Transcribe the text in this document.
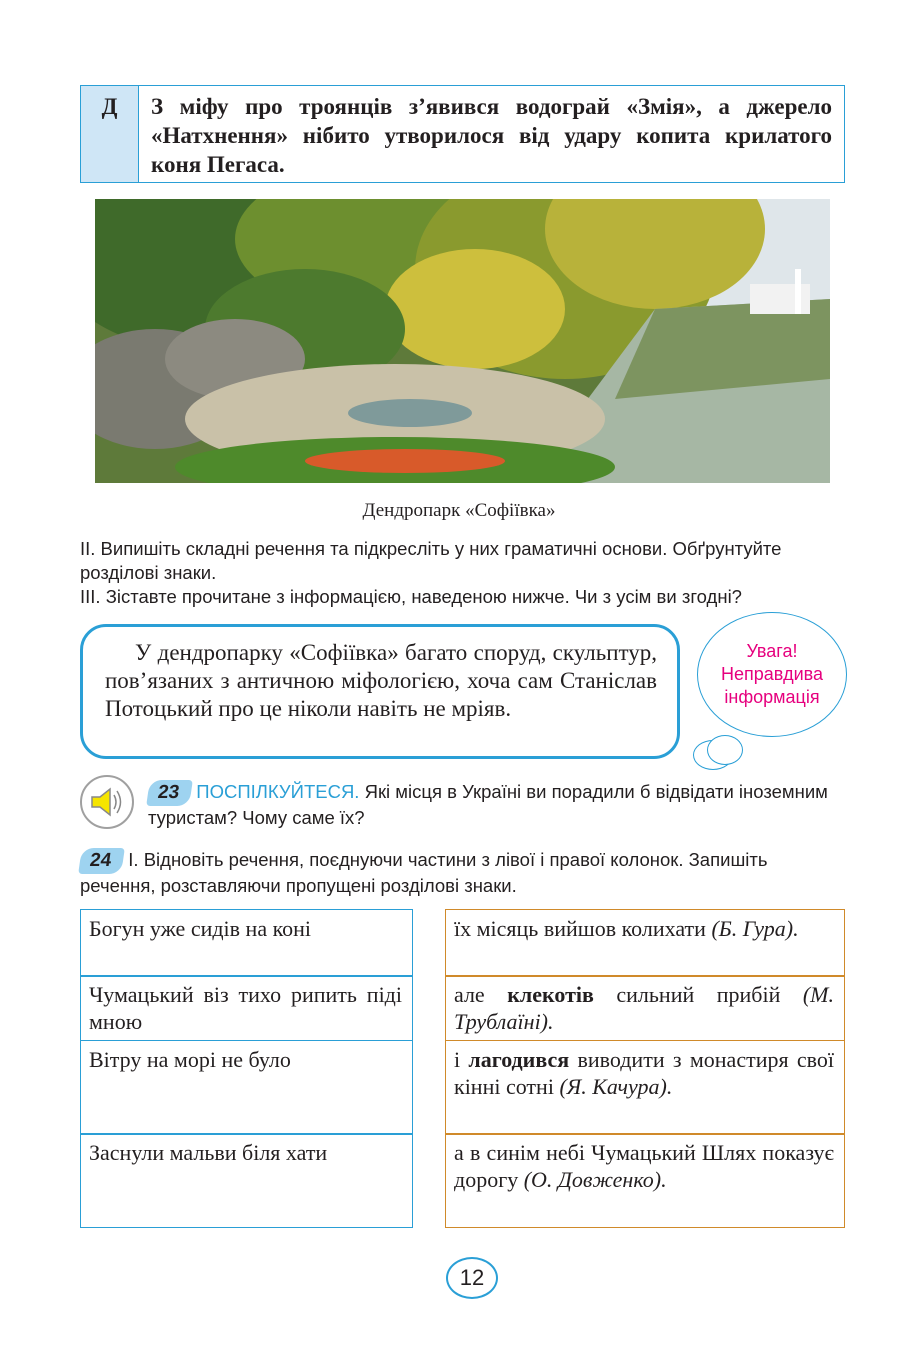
Д	З міфу про троянців з’явився водограй «Змія», а джерело «Натхнення» нібито утворилося від удару копита крилатого коня Пегаса.
Дендропарк «Софіївка»
II. Випишіть складні речення та підкресліть у них граматичні основи. Обґрунтуйте розділові знаки.
III. Зіставте прочитане з інформацією, наведеною нижче. Чи з усім ви згодні?

У дендропарку «Софіївка» багато споруд, скульптур, пов’язаних з античною міфологією, хоча сам Станіслав Потоцький про це ніколи навіть не мріяв.

Увага!
Неправдива
інформація
23 ПОСПІЛКУЙТЕСЯ. Які місця в Україні ви порадили б відвідати іноземним туристам? Чому саме їх?
24 І. Відновіть речення, поєднуючи частини з лівої і правої колонок. Запишіть речення, розставляючи пропущені розділові знаки.
Богун уже сидів на коні
Чумацький віз тихо рипить піді мною
Вітру на морі не було
Заснули мальви біля хати
їх місяць вийшов колихати (Б. Гура).
але клекотів сильний прибій (М. Трублаїні).
і лагодився виводити з монастиря свої кінні сотні (Я. Качура).
а в синім небі Чумацький Шлях показує дорогу (О. Довженко).
12
